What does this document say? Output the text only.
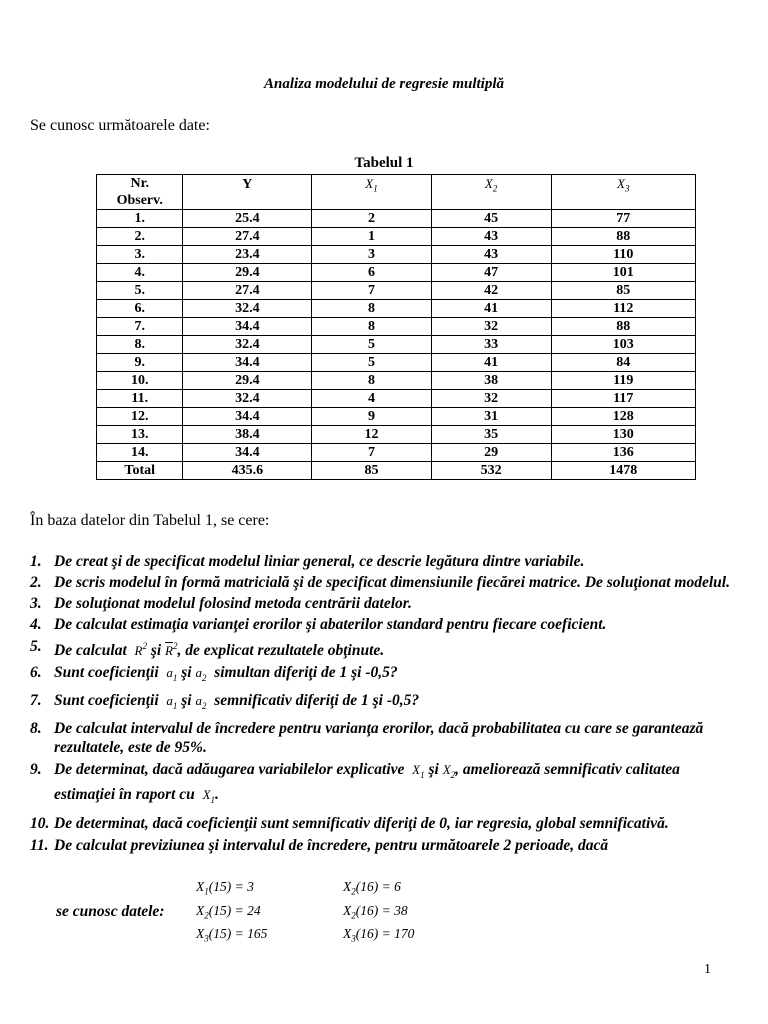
Analiza modelului de regresie multiplă
Se cunosc următoarele date:
Tabelul 1
Nr.
Observ.	Y	$X_1$	$X_2$	$X_3$
1.	25.4	2	45	77
2.	27.4	1	43	88
3.	23.4	3	43	110
4.	29.4	6	47	101
5.	27.4	7	42	85
6.	32.4	8	41	112
7.	34.4	8	32	88
8.	32.4	5	33	103
9.	34.4	5	41	84
10.	29.4	8	38	119
11.	32.4	4	32	117
12.	34.4	9	31	128
13.	38.4	12	35	130
14.	34.4	7	29	136
Total	435.6	85	532	1478
În baza datelor din Tabelul 1, se cere:
1. De creat şi de specificat modelul liniar general, ce descrie legătura dintre variabile.
2. De scris modelul în formă matricială şi de specificat dimensiunile fiecărei matrice. De soluţionat modelul.
3. De soluţionat modelul folosind metoda centrării datelor.
4. De calculat estimaţia varianţei erorilor şi abaterilor standard pentru fiecare coeficient.
5. De calculat $R^2$ şi $\overline{R}^2$, de explicat rezultatele obţinute.
6. Sunt coeficienţii $a_1$ şi $a_2$ simultan diferiţi de 1 şi -0,5?
7. Sunt coeficienţii $a_1$ şi $a_2$ semnificativ diferiţi de 1 şi -0,5?
8. De calculat intervalul de încredere pentru varianţa erorilor, dacă probabilitatea cu care se garantează rezultatele, este de 95%.
9. De determinat, dacă adăugarea variabilelor explicative $X_1$ şi $X_2$, ameliorează semnificativ calitatea estimaţiei în raport cu $X_1$.
10. De determinat, dacă coeficienţii sunt semnificativ diferiţi de 0, iar regresia, global semnificativă.
11. De calculat previziunea şi intervalul de încredere, pentru următoarele 2 perioade, dacă
se cunosc datele:
$X_1(15) = 3$	$X_2(16) = 6$
$X_2(15) = 24$	$X_2(16) = 38$
$X_3(15) = 165$	$X_3(16) = 170$
1
